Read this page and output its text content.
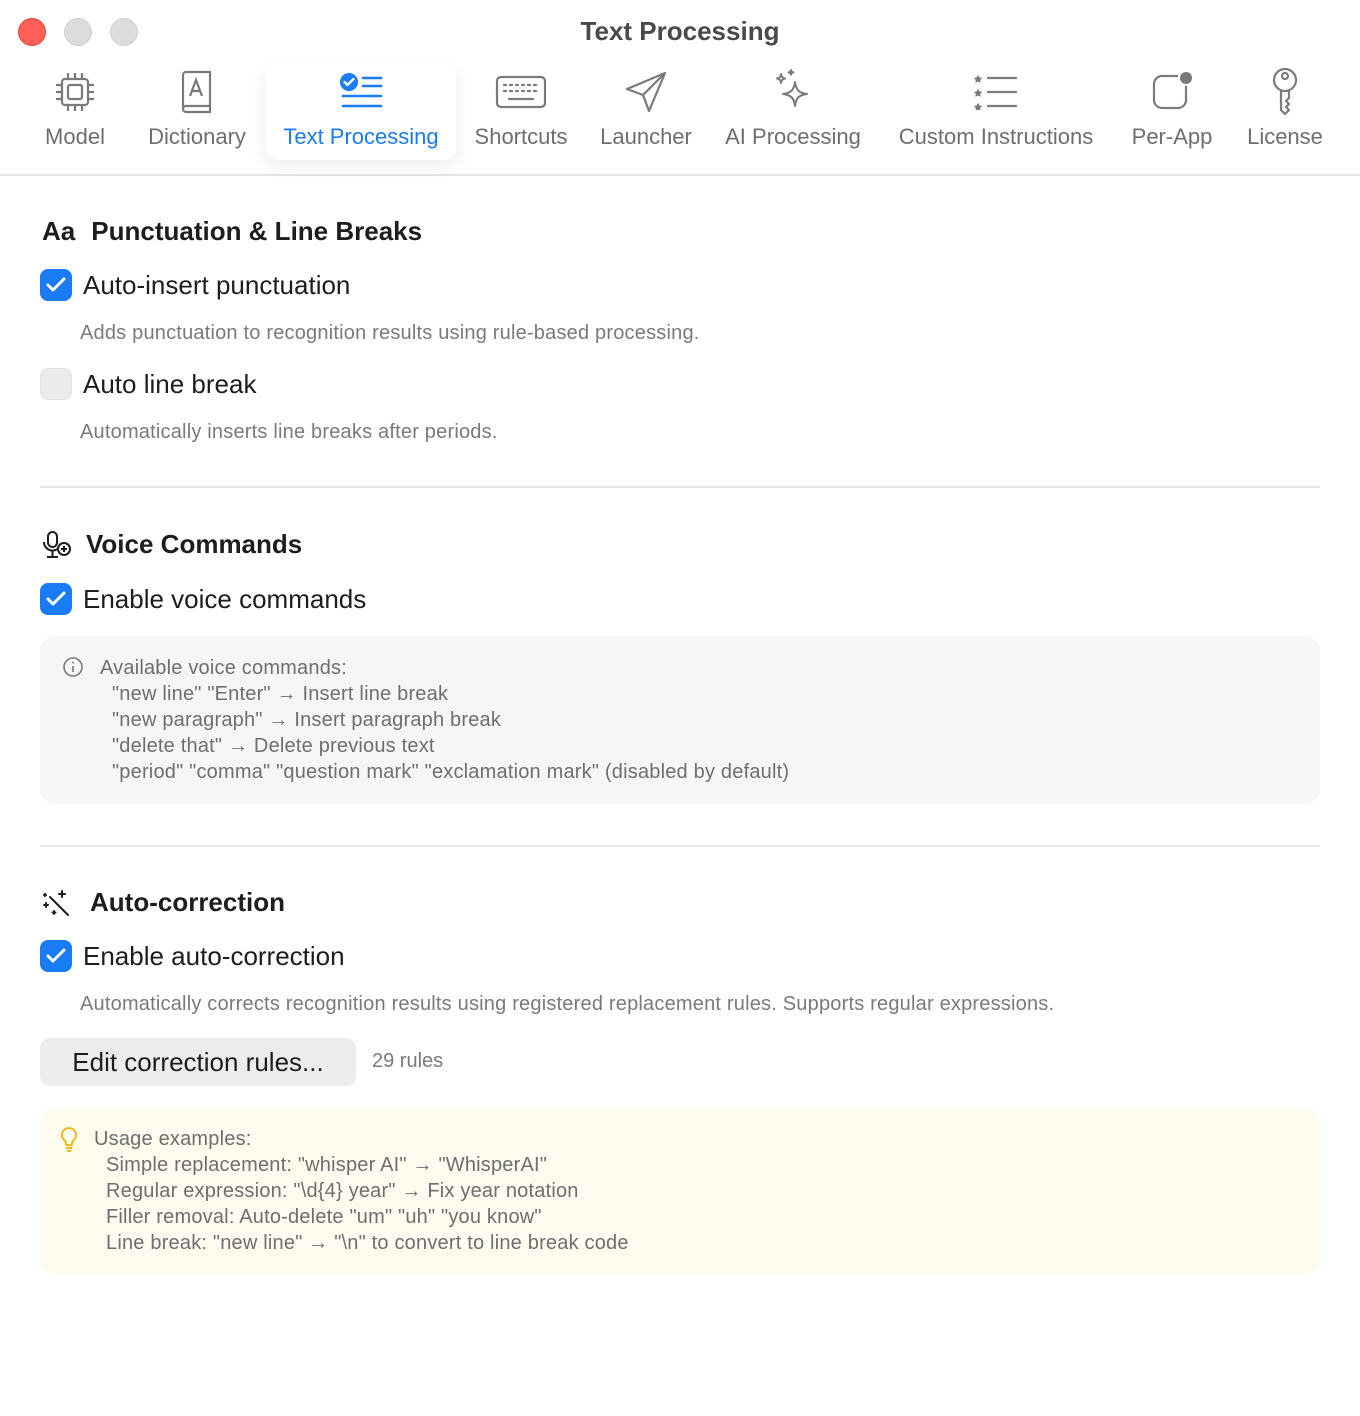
Text Processing
Model Dictionary Text Processing Shortcuts Launcher AI Processing Custom Instructions Per-App License
Aa Punctuation & Line Breaks
Auto-insert punctuation
Adds punctuation to recognition results using rule-based processing.
Auto line break
Automatically inserts line breaks after periods.
Voice Commands
Enable voice commands
Available voice commands:
"new line" "Enter" → Insert line break
"new paragraph" → Insert paragraph break
"delete that" → Delete previous text
"period" "comma" "question mark" "exclamation mark" (disabled by default)
Auto-correction
Enable auto-correction
Automatically corrects recognition results using registered replacement rules. Supports regular expressions.
Edit correction rules...	29 rules
Usage examples:
Simple replacement: "whisper AI" → "WhisperAI"
Regular expression: "\d{4} year" → Fix year notation
Filler removal: Auto-delete "um" "uh" "you know"
Line break: "new line" → "\n" to convert to line break code
